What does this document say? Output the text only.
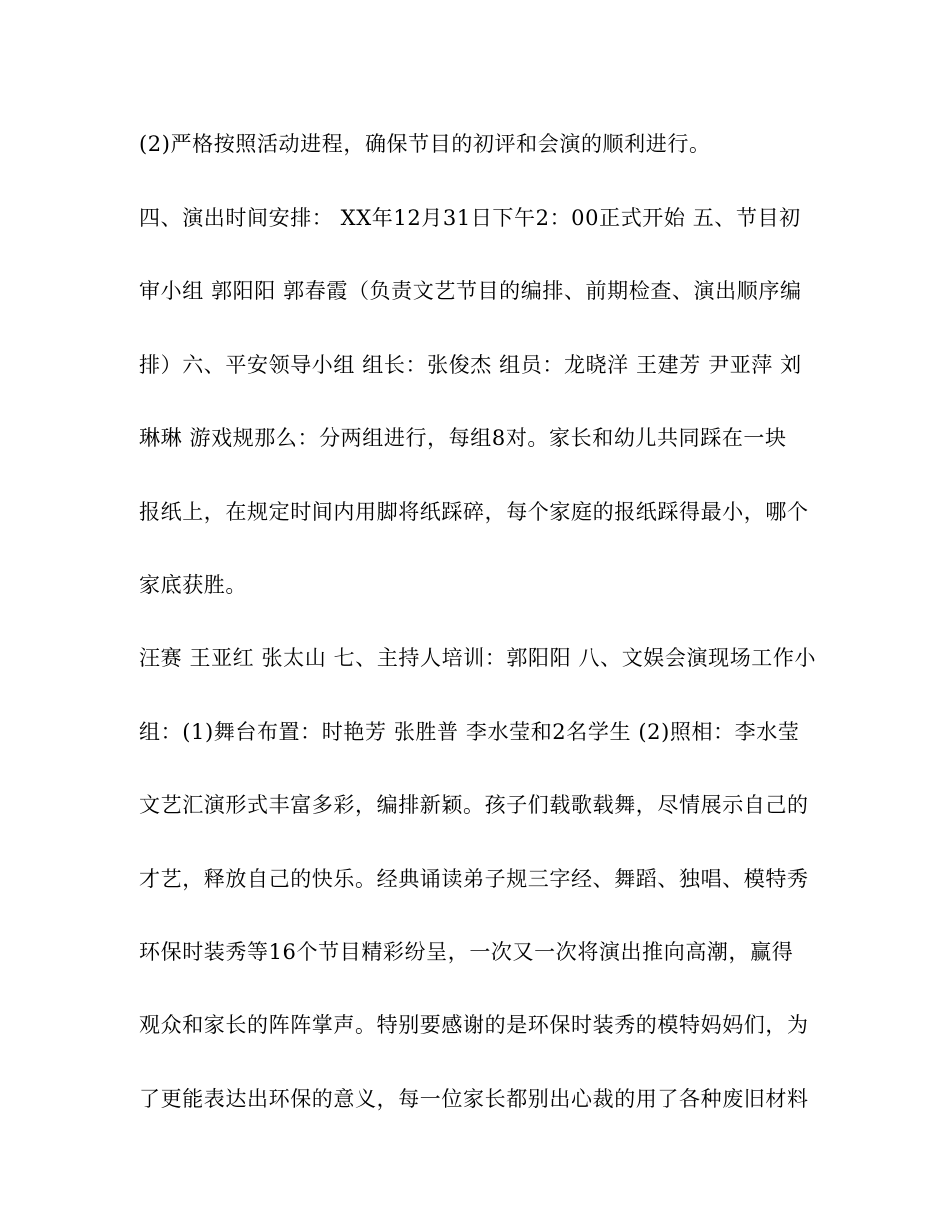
(2)严格按照活动进程，确保节目的初评和会演的顺利进行。
四、演出时间安排： XX年12月31日下午2：00正式开始 五、节目初
审小组 郭阳阳 郭春霞（负责文艺节目的编排、前期检查、演出顺序编
排）六、平安领导小组 组长：张俊杰 组员：龙晓洋 王建芳 尹亚萍 刘
琳琳 游戏规那么：分两组进行，每组8对。家长和幼儿共同踩在一块
报纸上，在规定时间内用脚将纸踩碎，每个家庭的报纸踩得最小，哪个
家底获胜。
汪赛 王亚红 张太山 七、主持人培训：郭阳阳 八、文娱会演现场工作小
组：(1)舞台布置：时艳芳 张胜普 李水莹和2名学生 (2)照相：李水莹
文艺汇演形式丰富多彩，编排新颖。孩子们载歌载舞，尽情展示自己的
才艺，释放自己的快乐。经典诵读弟子规三字经、舞蹈、独唱、模特秀
环保时装秀等16个节目精彩纷呈，一次又一次将演出推向高潮，赢得
观众和家长的阵阵掌声。特别要感谢的是环保时装秀的模特妈妈们，为
了更能表达出环保的意义，每一位家长都别出心裁的用了各种废旧材料
